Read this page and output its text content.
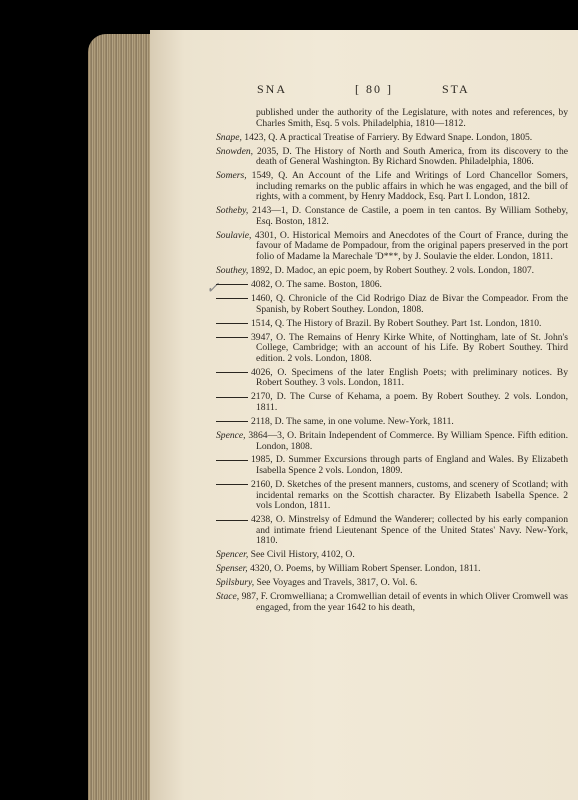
SNA	[ 80 ]	STA
✓
published under the authority of the Legislature, with notes and references, by Charles Smith, Esq. 5 vols. Philadelphia, 1810—1812.
Snape, 1423, Q. A practical Treatise of Farriery. By Edward Snape. London, 1805.
Snowden, 2035, D. The History of North and South America, from its discovery to the death of General Washington. By Richard Snowden. Philadelphia, 1806.
Somers, 1549, Q. An Account of the Life and Writings of Lord Chancellor Somers, including remarks on the public affairs in which he was engaged, and the bill of rights, with a comment, by Henry Maddock, Esq. Part I. London, 1812.
Sotheby, 2143—1, D. Constance de Castile, a poem in ten cantos. By William Sotheby, Esq. Boston, 1812.
Soulavie, 4301, O. Historical Memoirs and Anecdotes of the Court of France, during the favour of Madame de Pompadour, from the original papers preserved in the port folio of Madame la Marechale 'D***, by J. Soulavie the elder. London, 1811.
Southey, 1892, D. Madoc, an epic poem, by Robert Southey. 2 vols. London, 1807.
4082, O. The same. Boston, 1806.
1460, Q. Chronicle of the Cid Rodrigo Diaz de Bivar the Compeador. From the Spanish, by Robert Southey. London, 1808.
1514, Q. The History of Brazil. By Robert Southey. Part 1st. London, 1810.
3947, O. The Remains of Henry Kirke White, of Nottingham, late of St. John's College, Cambridge; with an account of his Life. By Robert Southey. Third edition. 2 vols. London, 1808.
4026, O. Specimens of the later English Poets; with preliminary notices. By Robert Southey. 3 vols. London, 1811.
2170, D. The Curse of Kehama, a poem. By Robert Southey. 2 vols. London, 1811.
2118, D. The same, in one volume. New-York, 1811.
Spence, 3864—3, O. Britain Independent of Commerce. By William Spence. Fifth edition. London, 1808.
1985, D. Summer Excursions through parts of England and Wales. By Elizabeth Isabella Spence 2 vols. London, 1809.
2160, D. Sketches of the present manners, customs, and scenery of Scotland; with incidental remarks on the Scottish character. By Elizabeth Isabella Spence. 2 vols London, 1811.
4238, O. Minstrelsy of Edmund the Wanderer; collected by his early companion and intimate friend Lieutenant Spence of the United States' Navy. New-York, 1810.
Spencer, See Civil History, 4102, O.
Spenser, 4320, O. Poems, by William Robert Spenser. London, 1811.
Spilsbury, See Voyages and Travels, 3817, O. Vol. 6.
Stace, 987, F. Cromwelliana; a Cromwellian detail of events in which Oliver Cromwell was engaged, from the year 1642 to his death,
